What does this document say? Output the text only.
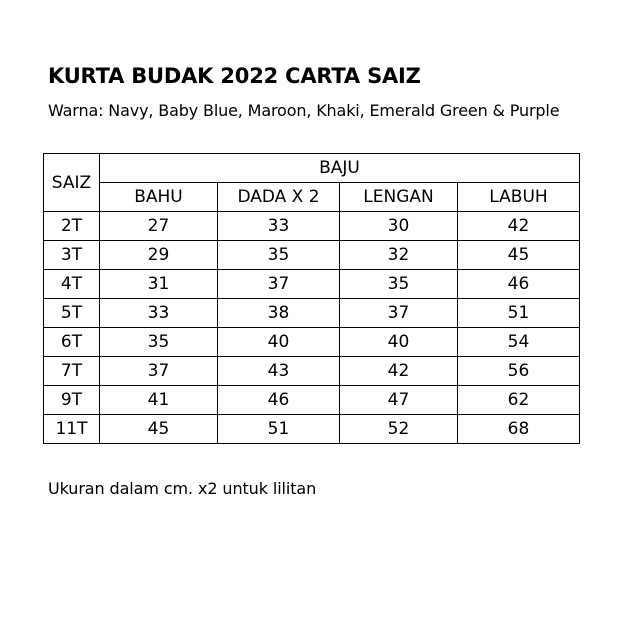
KURTA BUDAK 2022 CARTA SAIZ
Warna: Navy, Baby Blue, Maroon, Khaki, Emerald Green & Purple
SAIZ	BAJU			
	BAHU	DADA X 2	LENGAN	LABUH
2T	27	33	30	42
3T	29	35	32	45
4T	31	37	35	46
5T	33	38	37	51
6T	35	40	40	54
7T	37	43	42	56
9T	41	46	47	62
11T	45	51	52	68
Ukuran dalam cm. x2 untuk lilitan
